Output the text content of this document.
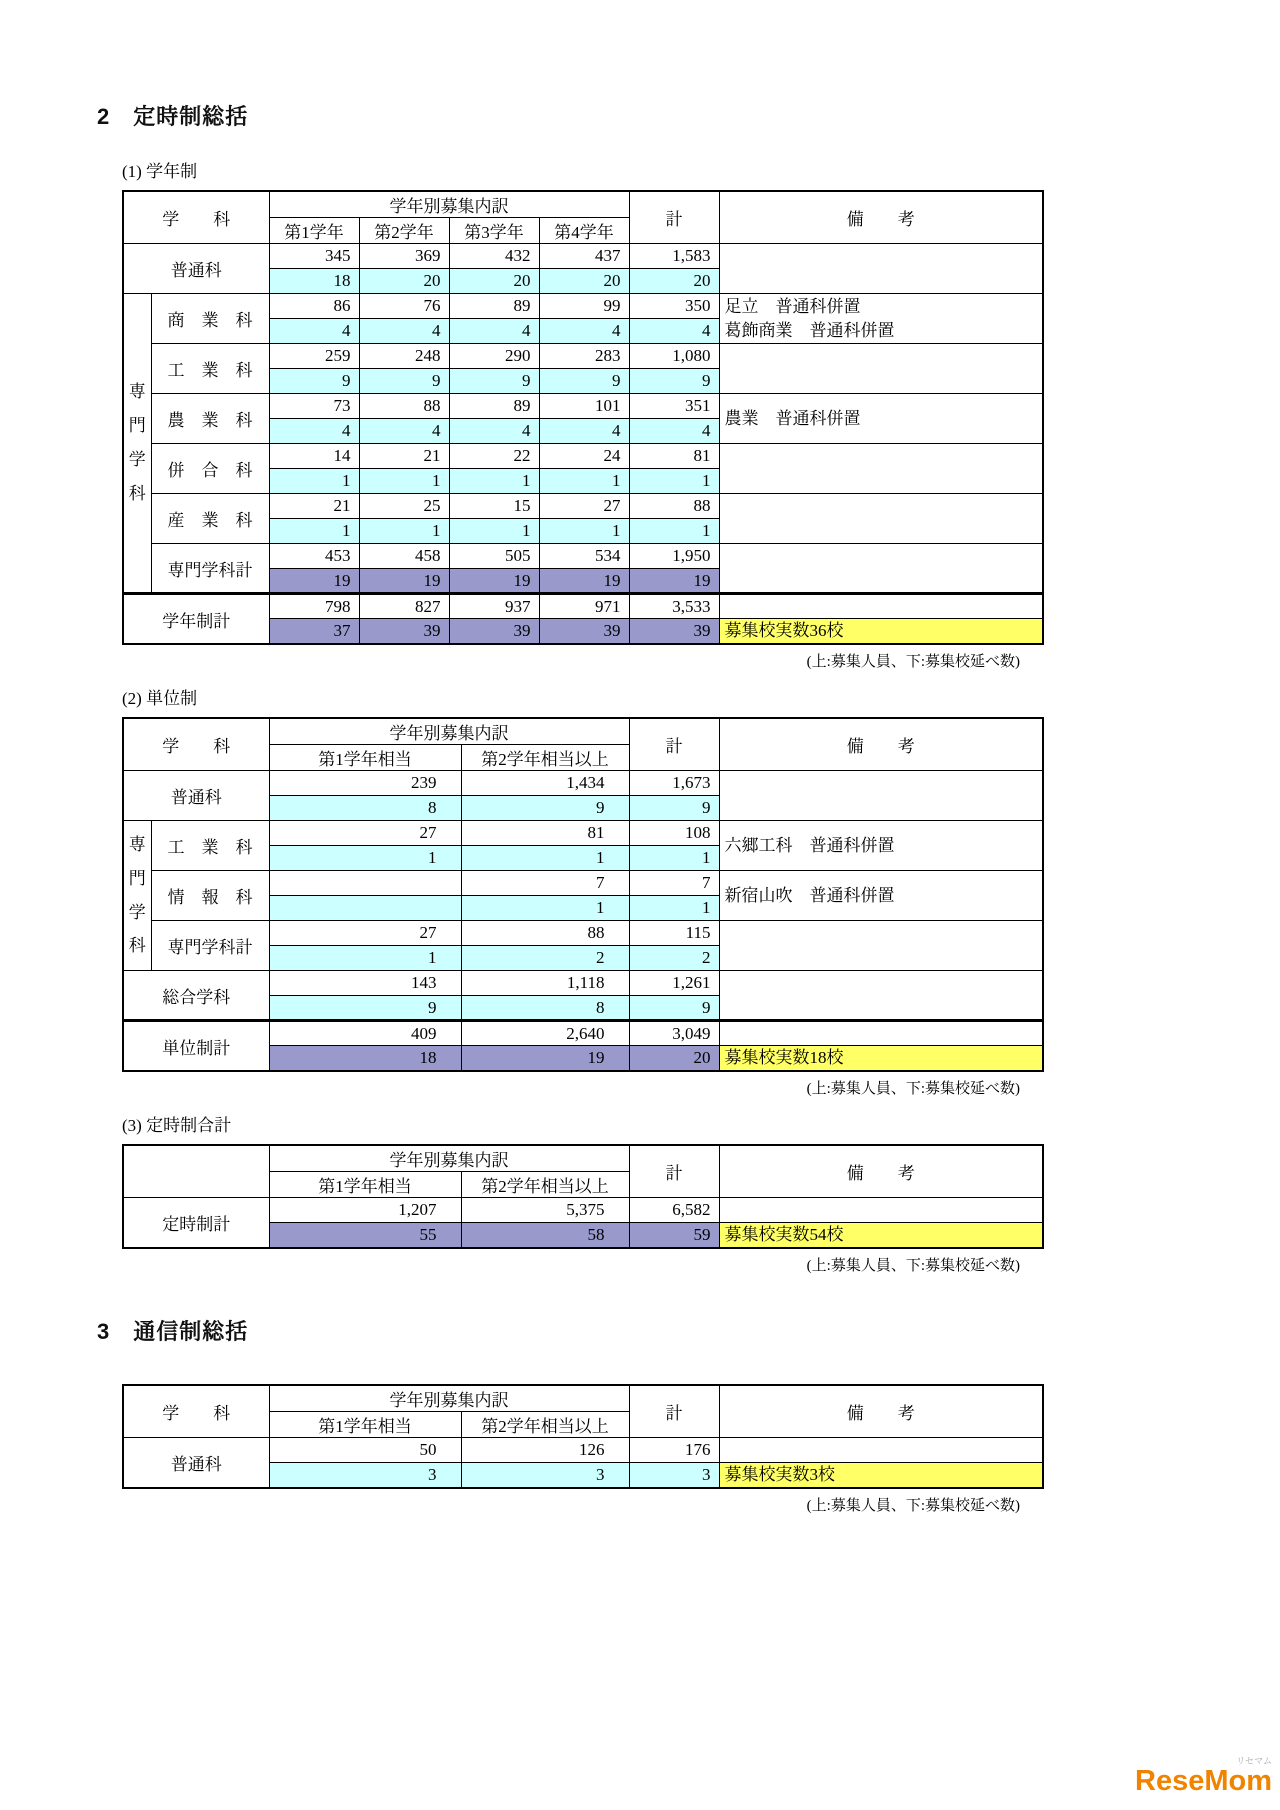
2　定時制総括
(1) 学年制
学　　科		学年別募集内訳				計	備　　考
		第1学年	第2学年	第3学年	第4学年		
普通科		345	369	432	437	1,583	
		18	20	20	20	20	

専
門
学
科	商　業　科	86	76	89	99	350	足立　普通科併置
葛飾商業　普通科併置
		4	4	4	4	4	
	工　業　科	259	248	290	283	1,080	
		9	9	9	9	9	
	農　業　科	73	88	89	101	351	農業　普通科併置
		4	4	4	4	4	
	併　合　科	14	21	22	24	81	
		1	1	1	1	1	
	産　業　科	21	25	15	27	88	
		1	1	1	1	1	
	専門学科計	453	458	505	534	1,950	
		19	19	19	19	19	
学年制計		798	827	937	971	3,533	
		37	39	39	39	39	募集校実数36校
(上:募集人員、下:募集校延べ数)
(2) 単位制
学　　科		学年別募集内訳		計	備　　考
		第1学年相当	第2学年相当以上		
普通科		239	1,434	1,673	
		8	9	9	

専
門
学
科	工　業　科	27	81	108	六郷工科　普通科併置
		1	1	1	
	情　報　科		7	7	新宿山吹　普通科併置
			1	1	
	専門学科計	27	88	115	
		1	2	2	
総合学科		143	1,118	1,261	
		9	8	9	
単位制計		409	2,640	3,049	
		18	19	20	募集校実数18校
(上:募集人員、下:募集校延べ数)
(3) 定時制合計
	学年別募集内訳		計	備　　考
	第1学年相当	第2学年相当以上		
定時制計	1,207	5,375	6,582	
	55	58	59	募集校実数54校
(上:募集人員、下:募集校延べ数)
3　通信制総括
学　　科	学年別募集内訳		計	備　　考
	第1学年相当	第2学年相当以上		
普通科	50	126	176	
	3	3	3	募集校実数3校
(上:募集人員、下:募集校延べ数)
リセマム
ReseMom
